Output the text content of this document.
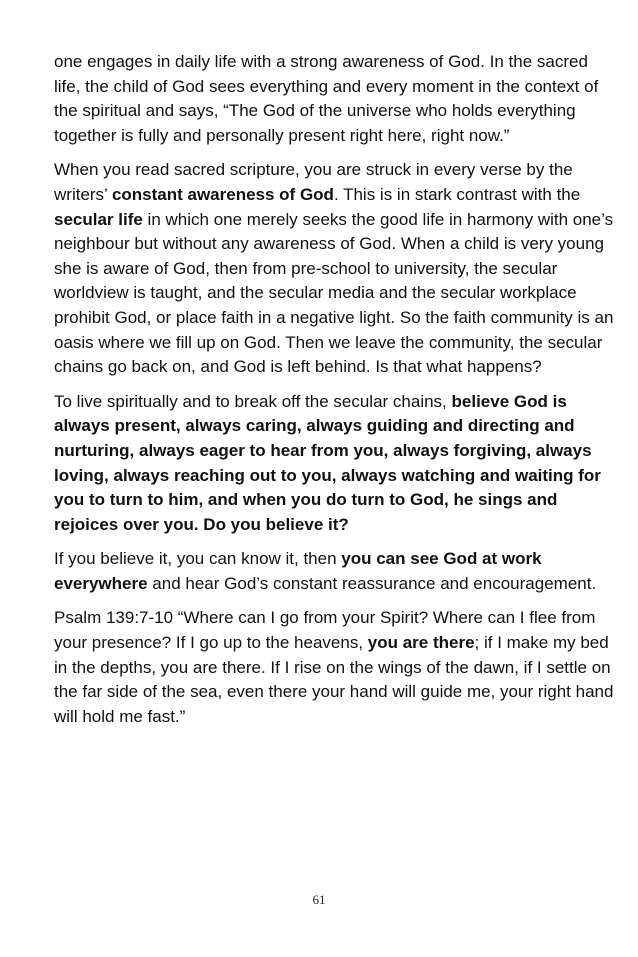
one engages in daily life with a strong awareness of God. In the sacred life, the child of God sees everything and every moment in the context of the spiritual and says, “The God of the universe who holds everything together is fully and personally present right here, right now.”

When you read sacred scripture, you are struck in every verse by the writers’ constant awareness of God. This is in stark contrast with the secular life in which one merely seeks the good life in harmony with one’s neighbour but without any awareness of God. When a child is very young she is aware of God, then from pre-school to university, the secular worldview is taught, and the secular media and the secular workplace prohibit God, or place faith in a negative light. So the faith community is an oasis where we fill up on God. Then we leave the community, the secular chains go back on, and God is left behind. Is that what happens?

To live spiritually and to break off the secular chains, believe God is always present, always caring, always guiding and directing and nurturing, always eager to hear from you, always forgiving, always loving, always reaching out to you, always watching and waiting for you to turn to him, and when you do turn to God, he sings and rejoices over you. Do you believe it?

If you believe it, you can know it, then you can see God at work everywhere and hear God’s constant reassurance and encouragement.

Psalm 139:7-10 “Where can I go from your Spirit? Where can I flee from your presence? If I go up to the heavens, you are there; if I make my bed in the depths, you are there. If I rise on the wings of the dawn, if I settle on the far side of the sea, even there your hand will guide me, your right hand will hold me fast.”

61
